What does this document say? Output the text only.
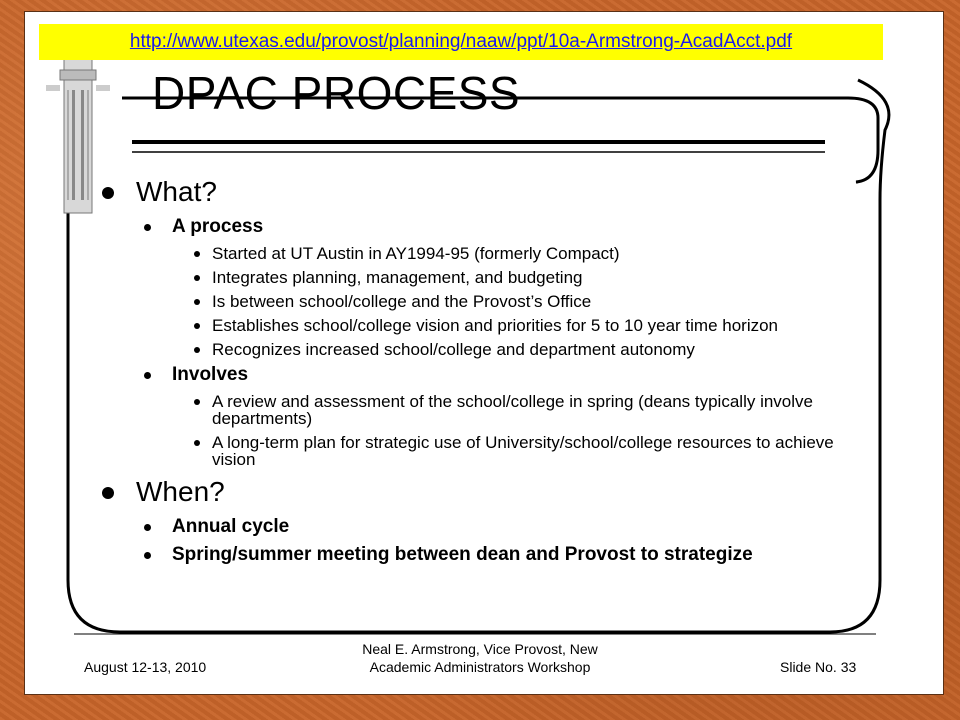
http://www.utexas.edu/provost/planning/naaw/ppt/10a-Armstrong-AcadAcct.pdf
DPAC PROCESS
What?
A process
Started at UT Austin in AY1994-95 (formerly Compact)
Integrates planning, management, and budgeting
Is between school/college and the Provost’s Office
Establishes school/college vision and priorities for 5 to 10 year time horizon
Recognizes increased school/college and department autonomy
Involves
A review and assessment of the school/college in spring (deans typically involve departments)
A long-term plan for strategic use of University/school/college resources to achieve vision
When?
Annual cycle
Spring/summer meeting between dean and Provost to strategize
August 12-13, 2010
Neal E. Armstrong, Vice Provost, New
Academic Administrators Workshop	Slide No. 33
